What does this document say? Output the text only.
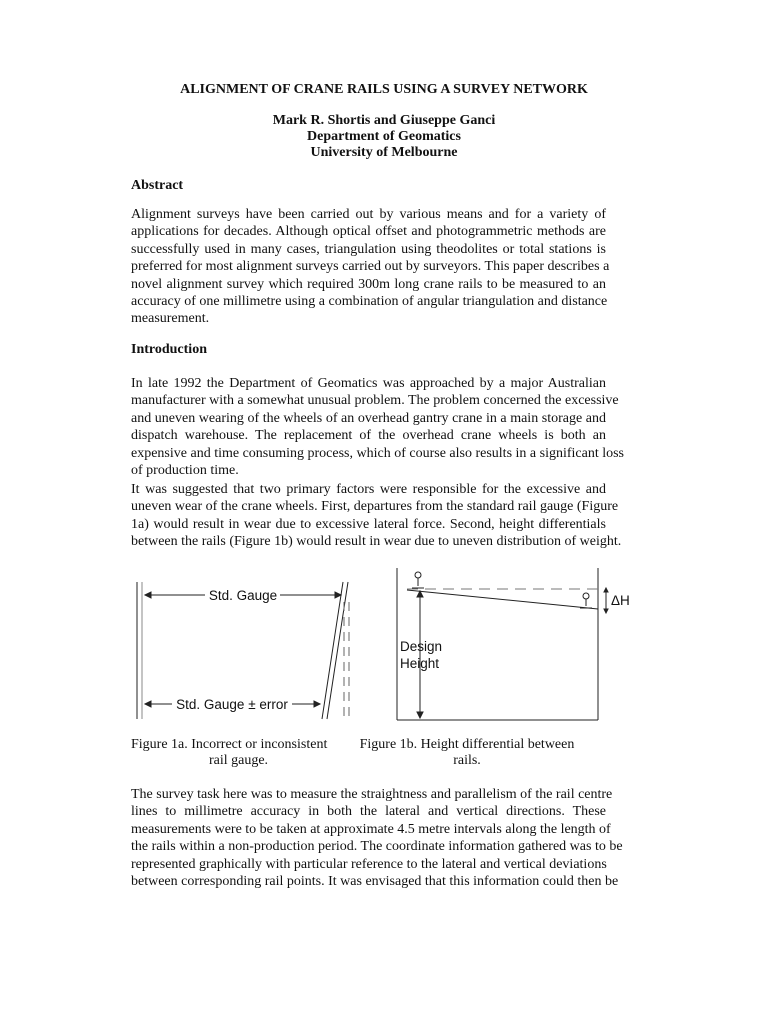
ALIGNMENT OF CRANE RAILS USING A SURVEY NETWORK
Mark R. Shortis and Giuseppe Ganci
Department of Geomatics
University of Melbourne
Abstract
Alignment surveys have been carried out by various means and for a variety of
applications for decades. Although optical offset and photogrammetric methods are
successfully used in many cases, triangulation using theodolites or total stations is
preferred for most alignment surveys carried out by surveyors. This paper describes a
novel alignment survey which required 300m long crane rails to be measured to an
accuracy of one millimetre using a combination of angular triangulation and distance
measurement.
Introduction
In late 1992 the Department of Geomatics was approached by a major Australian
manufacturer with a somewhat unusual problem. The problem concerned the excessive
and uneven wearing of the wheels of an overhead gantry crane in a main storage and
dispatch warehouse. The replacement of the overhead crane wheels is both an
expensive and time consuming process, which of course also results in a significant loss
of production time.
It was suggested that two primary factors were responsible for the excessive and
uneven wear of the crane wheels. First, departures from the standard rail gauge (Figure
1a) would result in wear due to excessive lateral force. Second, height differentials
between the rails (Figure 1b) would result in wear due to uneven distribution of weight.
Std. Gauge
Std. Gauge ± error
Design
Height
ΔH
Figure 1a. Incorrect or inconsistent
rail gauge.
Figure 1b. Height differential between
rails.
The survey task here was to measure the straightness and parallelism of the rail centre
lines to millimetre accuracy in both the lateral and vertical directions. These
measurements were to be taken at approximate 4.5 metre intervals along the length of
the rails within a non-production period. The coordinate information gathered was to be
represented graphically with particular reference to the lateral and vertical deviations
between corresponding rail points. It was envisaged that this information could then be
